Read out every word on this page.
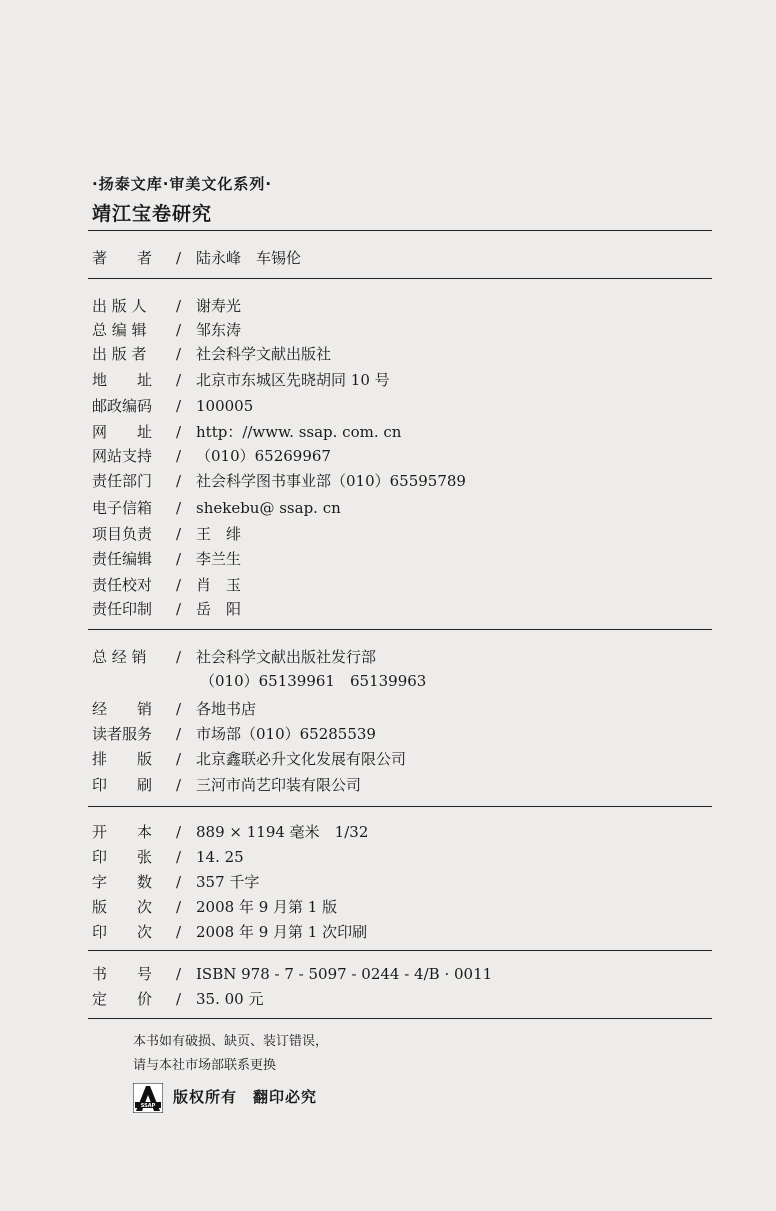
·扬泰文库·审美文化系列·
靖江宝卷研究
著　　者 / 陆永峰　车锡伦
出 版 人 / 谢寿光
总 编 辑 / 邹东涛
出 版 者 / 社会科学文献出版社
地　　址 / 北京市东城区先晓胡同 10 号
邮政编码 / 100005
网　　址 / http：//www. ssap. com. cn
网站支持 / （010）65269967
责任部门 / 社会科学图书事业部（010）65595789
电子信箱 / shekebu@ ssap. cn
项目负责 / 王　绯
责任编辑 / 李兰生
责任校对 / 肖　玉
责任印制 / 岳　阳
总 经 销 / 社会科学文献出版社发行部
（010）65139961　65139963
经　　销 / 各地书店
读者服务 / 市场部（010）65285539
排　　版 / 北京鑫联必升文化发展有限公司
印　　刷 / 三河市尚艺印装有限公司
开　　本 / 889 × 1194 毫米　1/32
印　　张 / 14. 25
字　　数 / 357 千字
版　　次 / 2008 年 9 月第 1 版
印　　次 / 2008 年 9 月第 1 次印刷
书　　号 / ISBN 978 - 7 - 5097 - 0244 - 4/B · 0011
定　　价 / 35. 00 元
本书如有破损、缺页、装订错误，
请与本社市场部联系更换
SSAP 版权所有　翻印必究
